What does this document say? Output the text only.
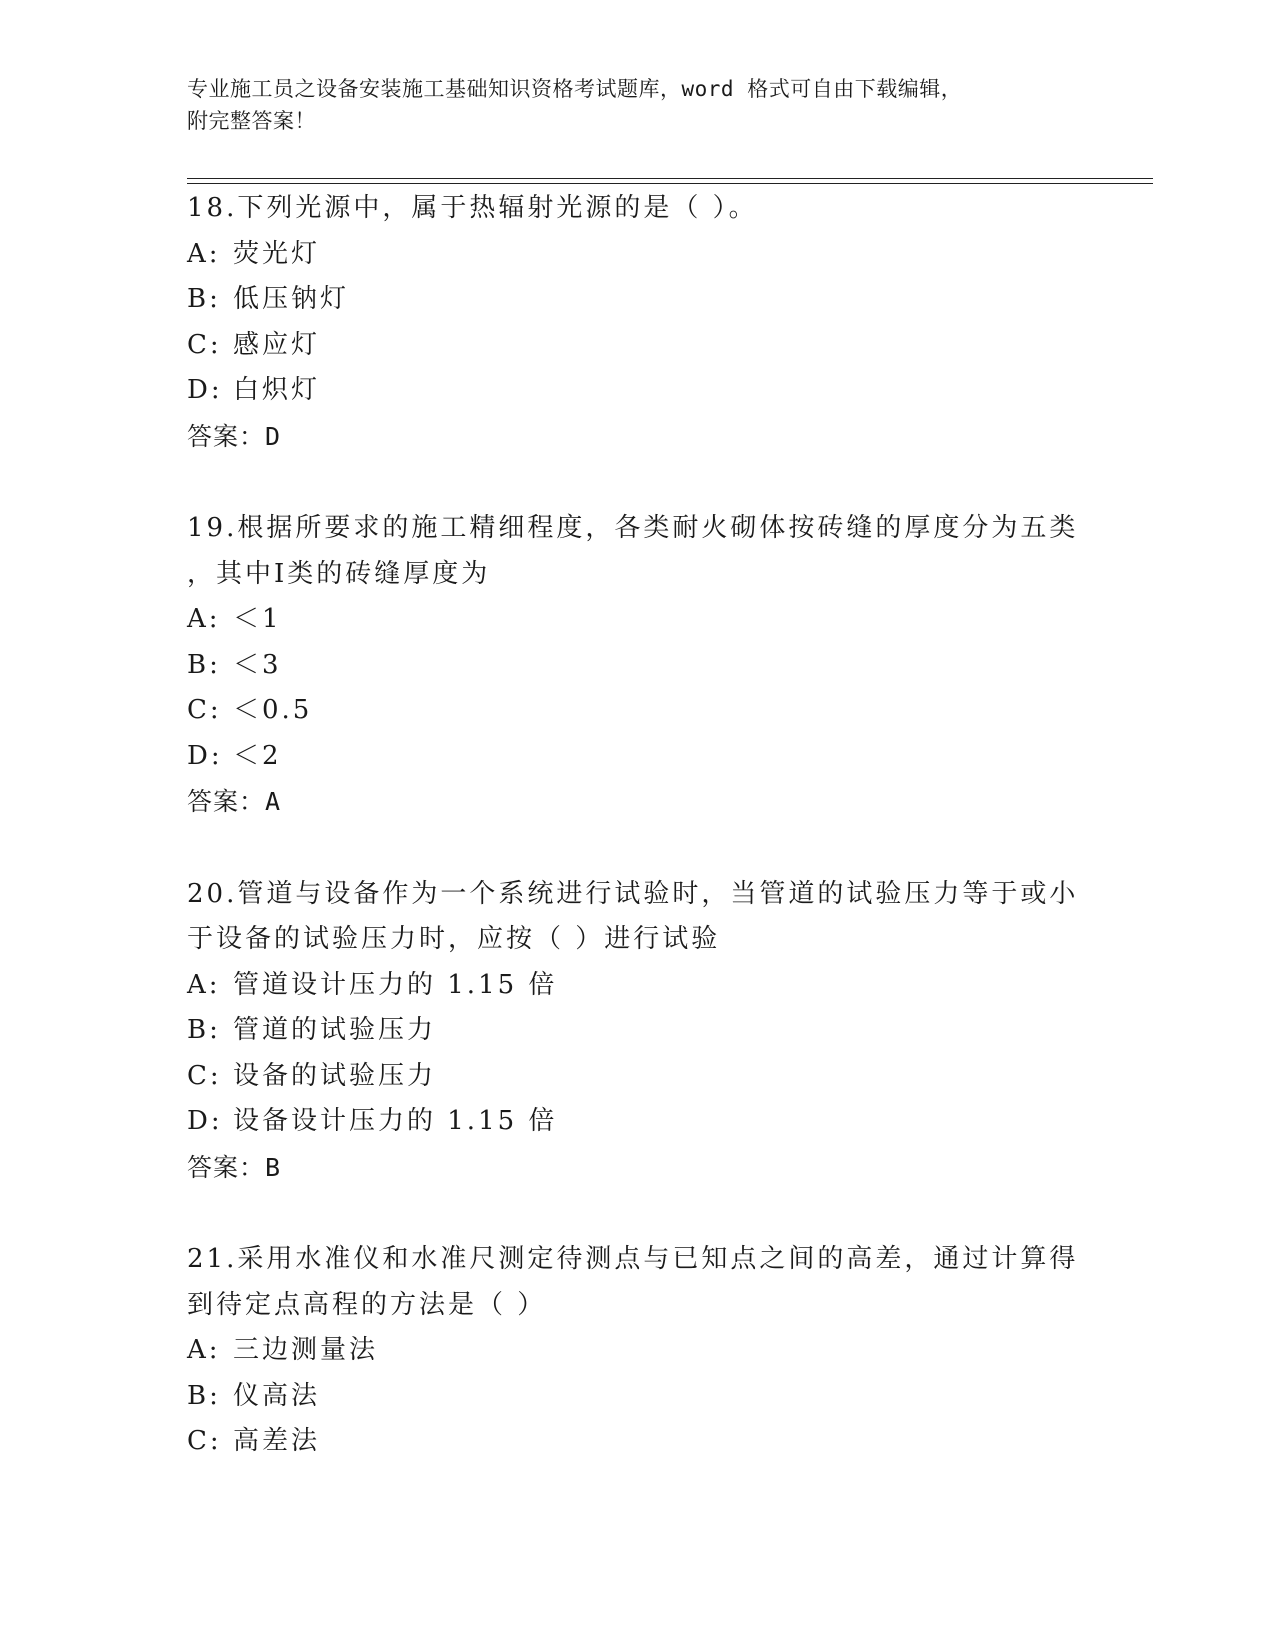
专业施工员之设备安装施工基础知识资格考试题库，word 格式可自由下载编辑，
附完整答案！
18.下列光源中，属于热辐射光源的是（ ）。
A: 荧光灯
B: 低压钠灯
C: 感应灯
D: 白炽灯
答案：D
19.根据所要求的施工精细程度，各类耐火砌体按砖缝的厚度分为五类
，其中Ⅰ类的砖缝厚度为
A: ＜1
B: ＜3
C: ＜0.5
D: ＜2
答案：A
20.管道与设备作为一个系统进行试验时，当管道的试验压力等于或小
于设备的试验压力时，应按（ ）进行试验
A: 管道设计压力的 1.15 倍
B: 管道的试验压力
C: 设备的试验压力
D: 设备设计压力的 1.15 倍
答案：B
21.采用水准仪和水准尺测定待测点与已知点之间的高差，通过计算得
到待定点高程的方法是（ ）
A: 三边测量法
B: 仪高法
C: 高差法
